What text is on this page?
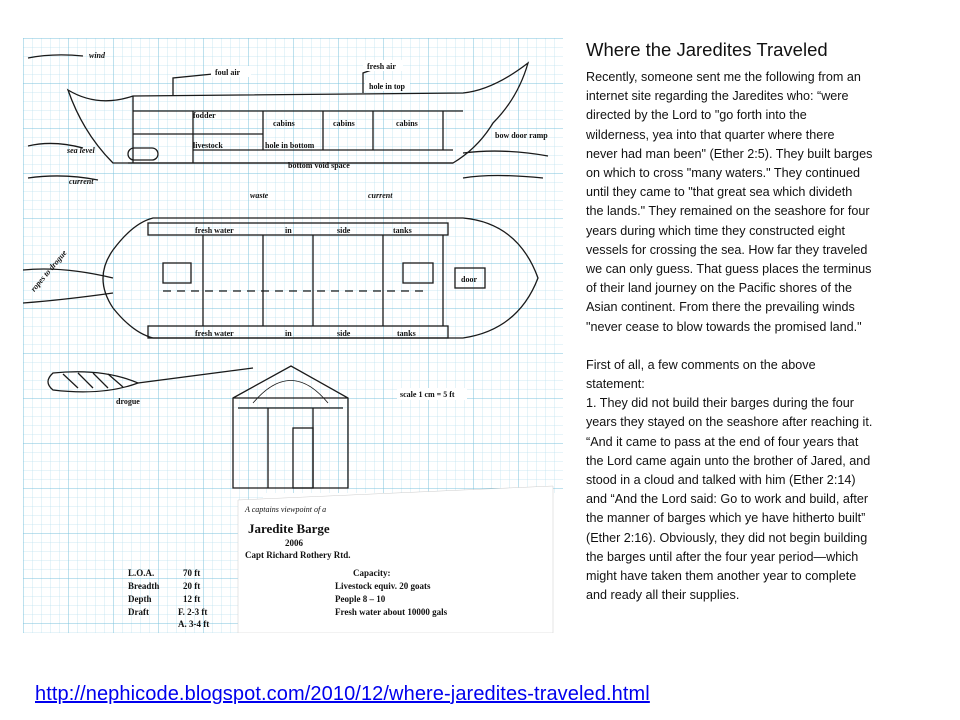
wind
foul air
fresh air
hole in top
fodder
cabins	cabins	cabins
bow door ramp
sea level
livestock	hole in bottom
bottom void space
current
waste	current
ropes to drogue
fresh water	in	side	tanks
door
fresh water	in	side	tanks
drogue
scale 1 cm = 5 ft
A captains viewpoint of a
Jaredite Barge
2006
Capt Richard Rothery Rtd.
L.O.A.	70 ft
Breadth	20 ft
Depth	12 ft
Draft	F. 2-3 ft
A. 3-4 ft
Capacity:
Livestock equiv. 20 goats
People 8 – 10
Fresh water about 10000 gals
Where the Jaredites Traveled

Recently, someone sent me the following from an
internet site regarding the Jaredites who: “were
directed by the Lord to "go forth into the
wilderness, yea into that quarter where there
never had man been" (Ether 2:5). They built barges
on which to cross "many waters." They continued
until they came to "that great sea which divideth
the lands." They remained on the seashore for four
years during which time they constructed eight
vessels for crossing the sea. How far they traveled
we can only guess. That guess places the terminus
of their land journey on the Pacific shores of the
Asian continent. From there the prevailing winds
"never cease to blow towards the promised land."

First of all, a few comments on the above
statement:
1. They did not build their barges during the four
years they stayed on the seashore after reaching it.
“And it came to pass at the end of four years that
the Lord came again unto the brother of Jared, and
stood in a cloud and talked with him (Ether 2:14)
and “And the Lord said: Go to work and build, after
the manner of barges which ye have hitherto built”
(Ether 2:16). Obviously, they did not begin building
the barges until after the four year period—which
might have taken them another year to complete
and ready all their supplies.

http://nephicode.blogspot.com/2010/12/where-jaredites-traveled.html
